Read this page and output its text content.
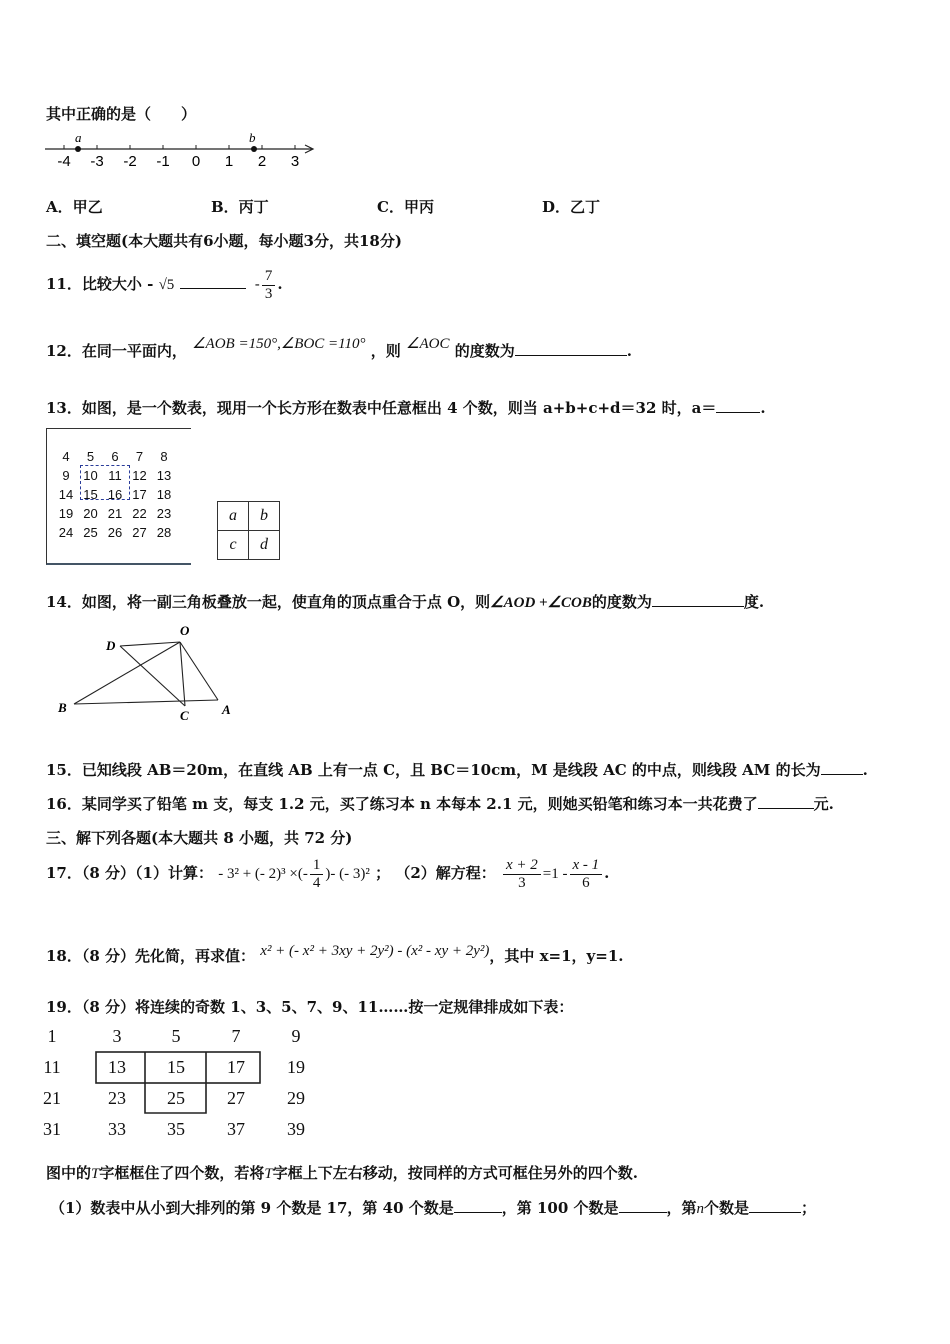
其中正确的是（　　）
-4 -3 -2 -1 0 1 2 3
a	b
A．甲乙	B．丙丁	C．甲丙	D．乙丁
二、填空题(本大题共有6小题，每小题3分，共18分)
11．比较大小 - √5	- $\frac{7}{3}$ .
12．在同一平面内， ∠AOB =150°,∠BOC =110° ，则 ∠AOC 的度数为	.
13．如图，是一个数表，现用一个长方形在数表中任意框出 4 个数，则当 a+b+c+d＝32 时，a＝	.
4	5	6	7	8
9	10 11 12 13
14 15 16 17 18
19 20 21 22 23
24 25 26 27 28
a	b
c	d
14．如图，将一副三角板叠放一起，使直角的顶点重合于点 O，则∠AOD +∠COB的度数为	度.
O
D
B
C	A
15．已知线段 AB＝20m，在直线 AB 上有一点 C，且 BC＝10cm，M 是线段 AC 的中点，则线段 AM 的长为	.
16．某同学买了铅笔 m 支，每支 1.2 元，买了练习本 n 本每本 2.1 元，则她买铅笔和练习本一共花费了	元.
三、解下列各题(本大题共 8 小题，共 72 分)
17．（8 分）（1）计算： - 3² + (- 2)³ ×(- $\frac{1}{4}$ )- (- 3)² ； （2）解方程： $\frac{x + 2}{3} =1 - \frac{x - 1}{6}$ .
18．（8 分）先化简，再求值： x² + (- x² + 3xy + 2y²) - (x² - xy + 2y²)，其中 x=1，y=1.
19．（8 分）将连续的奇数 1、3、5、7、9、11……按一定规律排成如下表：
1	3	5	7	9
11	13	15	17	19
21	23	25	27	29
31	33	35	37	39
图中的T字框框住了四个数，若将T字框上下左右移动，按同样的方式可框住另外的四个数.
（1）数表中从小到大排列的第 9 个数是 17，第 40 个数是	，第 100 个数是	，第n个数是	；
